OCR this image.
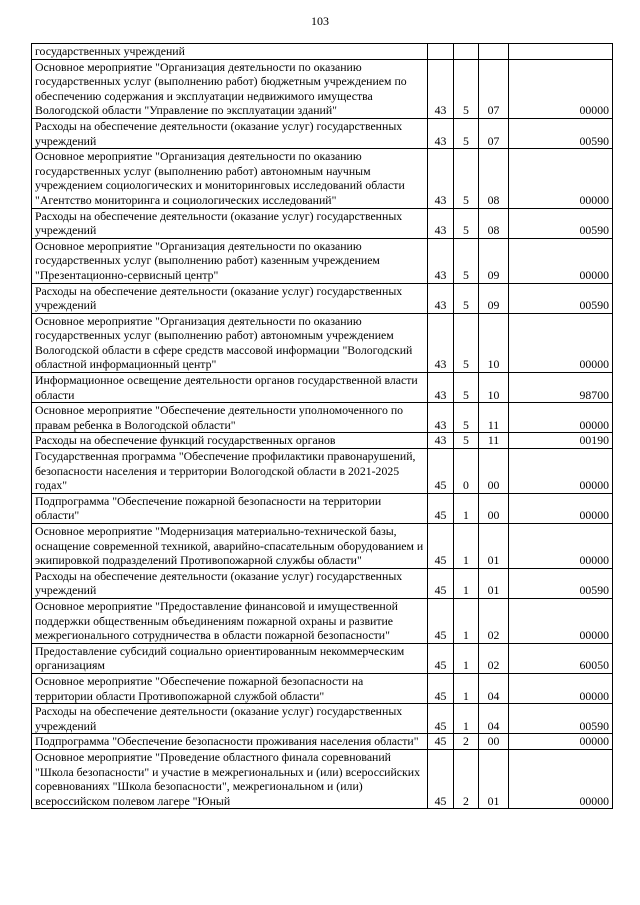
103
государственных учреждений				
Основное мероприятие "Организация деятельности по оказанию государственных услуг (выполнению работ) бюджетным учреждением по обеспечению содержания и эксплуатации недвижимого имущества Вологодской области "Управление по эксплуатации зданий"	43	5	07	00000
Расходы на обеспечение деятельности (оказание услуг) государственных учреждений	43	5	07	00590
Основное мероприятие "Организация деятельности по оказанию государственных услуг (выполнению работ) автономным научным учреждением социологических и мониторинговых исследований области "Агентство мониторинга и социологических исследований"	43	5	08	00000
Расходы на обеспечение деятельности (оказание услуг) государственных учреждений	43	5	08	00590
Основное мероприятие "Организация деятельности по оказанию государственных услуг (выполнению работ) казенным учреждением "Презентационно-сервисный центр"	43	5	09	00000
Расходы на обеспечение деятельности (оказание услуг) государственных учреждений	43	5	09	00590
Основное мероприятие "Организация деятельности по оказанию государственных услуг (выполнению работ) автономным учреждением Вологодской области в сфере средств массовой информации "Вологодский областной информационный центр"	43	5	10	00000
Информационное освещение деятельности органов государственной власти области	43	5	10	98700
Основное мероприятие "Обеспечение деятельности уполномоченного по правам ребенка в Вологодской области"	43	5	11	00000
Расходы на обеспечение функций государственных органов	43	5	11	00190
Государственная программа "Обеспечение профилактики правонарушений, безопасности населения и территории Вологодской области в 2021-2025 годах"	45	0	00	00000
Подпрограмма "Обеспечение пожарной безопасности на территории области"	45	1	00	00000
Основное мероприятие "Модернизация материально-технической базы, оснащение современной техникой, аварийно-спасательным оборудованием и экипировкой подразделений Противопожарной службы области"	45	1	01	00000
Расходы на обеспечение деятельности (оказание услуг) государственных учреждений	45	1	01	00590
Основное мероприятие "Предоставление финансовой и имущественной поддержки общественным объединениям пожарной охраны и развитие межрегионального сотрудничества в области пожарной безопасности"	45	1	02	00000
Предоставление субсидий социально ориентированным некоммерческим организациям	45	1	02	60050
Основное мероприятие "Обеспечение пожарной безопасности на территории области Противопожарной службой области"	45	1	04	00000
Расходы на обеспечение деятельности (оказание услуг) государственных учреждений	45	1	04	00590
Подпрограмма "Обеспечение безопасности проживания населения области"	45	2	00	00000
Основное мероприятие "Проведение областного финала соревнований "Школа безопасности" и участие в межрегиональных и (или) всероссийских соревнованиях "Школа безопасности", межрегиональном и (или) всероссийском полевом лагере "Юный	45	2	01	00000
